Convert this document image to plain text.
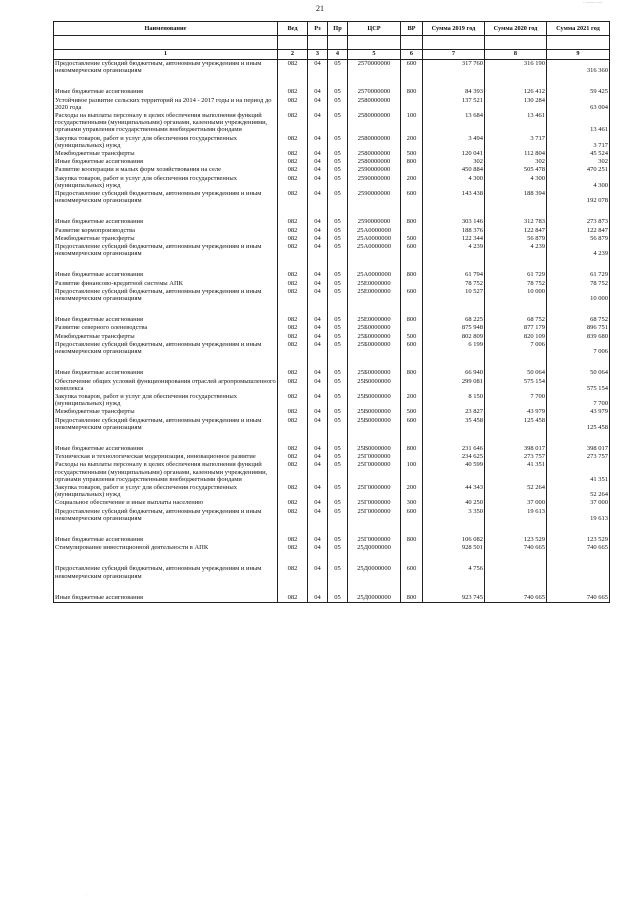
21
· —— —
Наименование	Вед	Рз	Пр	ЦСР	ВР	Сумма 2019 год	Сумма 2020 год	Сумма 2021 год

1	2	3	4	5	6	7	8	9
Предоставление субсидий бюджетным, автономным учреждениям и иным некоммерческим организациям	082	04	05	2570000000	600	317 760	316 190	316 360

Иные бюджетные ассигнования	082	04	05	2570000000	800	84 393	126 412	59 425
Устойчивое развитие сельских территорий на 2014 - 2017 годы и на период до 2020 года	082	04	05	2580000000		137 521	130 284	63 004
Расходы на выплаты персоналу в целях обеспечения выполнения функций государственными (муниципальными) органами, казенными учреждениями, органами управления государственными внебюджетными фондами	082	04	05	2580000000	100	13 684	13 461	13 461
Закупка товаров, работ и услуг для обеспечения государственных (муниципальных) нужд	082	04	05	2580000000	200	3 494	3 717	3 717
Межбюджетные трансферты	082	04	05	2580000000	500	120 041	112 804	45 524
Иные бюджетные ассигнования	082	04	05	2580000000	800	302	302	302
Развитие кооперации и малых форм хозяйствования на селе	082	04	05	2590000000		450 884	505 478	470 251
Закупка товаров, работ и услуг для обеспечения государственных (муниципальных) нужд	082	04	05	2590000000	200	4 300	4 300	4 300
Предоставление субсидий бюджетным, автономным учреждениям и иным некоммерческим организациям	082	04	05	2590000000	600	143 438	188 394	192 078

Иные бюджетные ассигнования	082	04	05	2590000000	800	303 146	312 783	273 873
Развитие кормопроизводства	082	04	05	25А0000000		188 376	122 847	122 847
Межбюджетные трансферты	082	04	05	25А0000000	500	122 344	56 879	56 879
Предоставление субсидий бюджетным, автономным учреждениям и иным некоммерческим организациям	082	04	05	25А0000000	600	4 239	4 239	4 239

Иные бюджетные ассигнования	082	04	05	25А0000000	800	61 794	61 729	61 729
Развитие финансово-кредитной системы АПК	082	04	05	25Е0000000		78 752	78 752	78 752
Предоставление субсидий бюджетным, автономным учреждениям и иным некоммерческим организациям	082	04	05	25Е0000000	600	10 527	10 000	10 000

Иные бюджетные ассигнования	082	04	05	25Е0000000	800	68 225	68 752	68 752
Развитие северного оленеводства	082	04	05	25Б0000000		875 948	877 179	896 751
Межбюджетные трансферты	082	04	05	25Б0000000	500	802 809	820 109	839 680
Предоставление субсидий бюджетным, автономным учреждениям и иным некоммерческим организациям	082	04	05	25Б0000000	600	6 199	7 006	7 006

Иные бюджетные ассигнования	082	04	05	25Б0000000	800	66 940	50 064	50 064
Обеспечение общих условий функционирования отраслей агропромышленного комплекса	082	04	05	25В0000000		299 081	575 154	575 154
Закупка товаров, работ и услуг для обеспечения государственных (муниципальных) нужд	082	04	05	25В0000000	200	8 150	7 700	7 700
Межбюджетные трансферты	082	04	05	25В0000000	500	23 827	43 979	43 979
Предоставление субсидий бюджетным, автономным учреждениям и иным некоммерческим организациям	082	04	05	25В0000000	600	35 458	125 458	125 458

Иные бюджетные ассигнования	082	04	05	25В0000000	800	231 646	398 017	398 017
Техническая и технологическая модернизация, инновационное развитие	082	04	05	25Г0000000		234 625	273 757	273 757
Расходы на выплаты персоналу в целях обеспечения выполнения функций государственными (муниципальными) органами, казенными учреждениями, органами управления государственными внебюджетными фондами	082	04	05	25Г0000000	100	40 599	41 351	41 351
Закупка товаров, работ и услуг для обеспечения государственных (муниципальных) нужд	082	04	05	25Г0000000	200	44 343	52 264	52 264
Социальное обеспечение и иные выплаты населению	082	04	05	25Г0000000	300	40 250	37 000	37 000
Предоставление субсидий бюджетным, автономным учреждениям и иным некоммерческим организациям	082	04	05	25Г0000000	600	3 350	19 613	19 613

Иные бюджетные ассигнования	082	04	05	25Г0000000	800	106 082	123 529	123 529
Стимулирование инвестиционной деятельности в АПК	082	04	05	25Д0000000		928 501	740 665	740 665

Предоставление субсидий бюджетным, автономным учреждениям и иным некоммерческим организациям	082	04	05	25Д0000000	600	4 756		

Иные бюджетные ассигнования	082	04	05	25Д0000000	800	923 745	740 665	740 665
·
